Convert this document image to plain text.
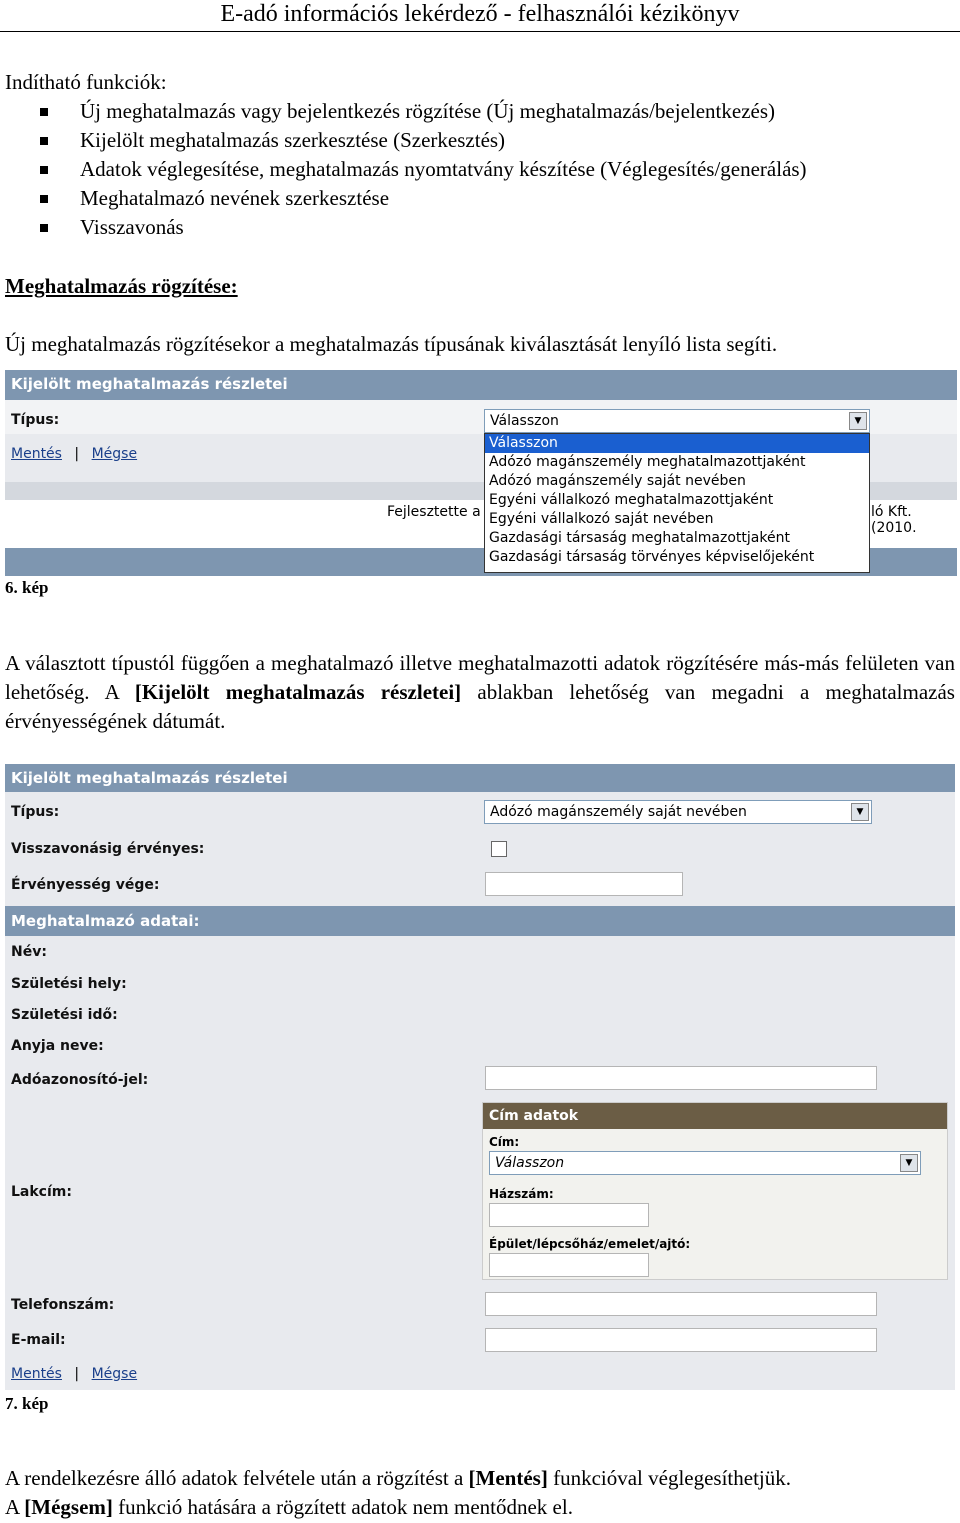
E-adó információs lekérdező - felhasználói kézikönyv
Indítható funkciók:
Új meghatalmazás vagy bejelentkezés rögzítése (Új meghatalmazás/bejelentkezés)
Kijelölt meghatalmazás szerkesztése (Szerkesztés)
Adatok véglegesítése, meghatalmazás nyomtatvány készítése (Véglegesítés/generálás)
Meghatalmazó nevének szerkesztése
Visszavonás
Meghatalmazás rögzítése:
Új meghatalmazás rögzítésekor a meghatalmazás típusának kiválasztását lenyíló lista segíti.
Kijelölt meghatalmazás részletei
Típus:	Válasszon	▼
Mentés | Mégse
Fejlesztette a	ló Kft. (2010.
Válasszon
Adózó magánszemély meghatalmazottjaként
Adózó magánszemély saját nevében
Egyéni vállalkozó meghatalmazottjaként
Egyéni vállalkozó saját nevében
Gazdasági társaság meghatalmazottjaként
Gazdasági társaság törvényes képviselőjeként
6. kép
A választott típustól függően a meghatalmazó illetve meghatalmazotti adatok rögzítésére más-más felületen van lehetőség. A [Kijelölt meghatalmazás részletei] ablakban lehetőség van megadni a meghatalmazás érvényességének dátumát.
Kijelölt meghatalmazás részletei
Típus:	Adózó magánszemély saját nevében	▼
Visszavonásig érvényes:
Érvényesség vége:
Meghatalmazó adatai:
Név:
Születési hely:
Születési idő:
Anyja neve:
Adóazonosító-jel:
Lakcím:
Cím adatok
Cím:
Válasszon	▼
Házszám:
Épület/lépcsőház/emelet/ajtó:
Telefonszám:
E-mail:
Mentés | Mégse
7. kép
A rendelkezésre álló adatok felvétele után a rögzítést a [Mentés] funkcióval véglegesíthetjük.
A [Mégsem] funkció hatására a rögzített adatok nem mentődnek el.
